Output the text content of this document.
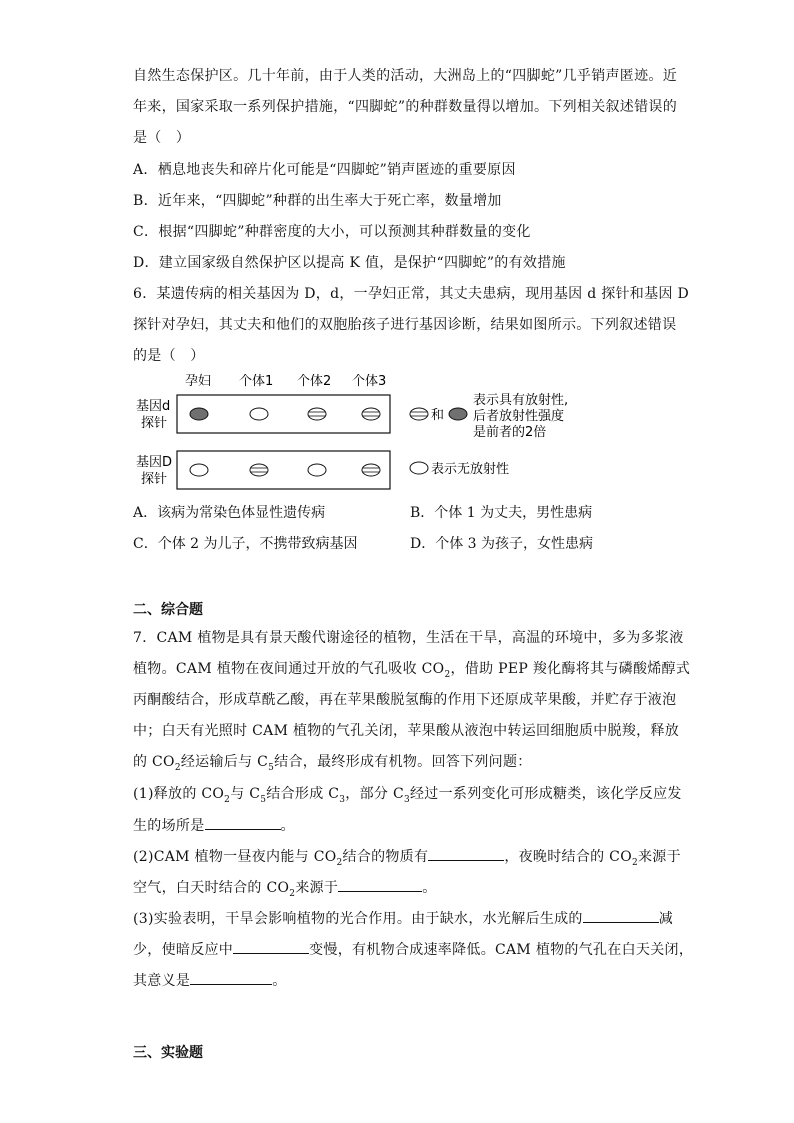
自然生态保护区。几十年前，由于人类的活动，大洲岛上的“四脚蛇”几乎销声匿迹。近
年来，国家采取一系列保护措施，“四脚蛇”的种群数量得以增加。下列相关叙述错误的
是（　）
A．栖息地丧失和碎片化可能是“四脚蛇”销声匿迹的重要原因
B．近年来，“四脚蛇”种群的出生率大于死亡率，数量增加
C．根据“四脚蛇”种群密度的大小，可以预测其种群数量的变化
D．建立国家级自然保护区以提高 K 值，是保护“四脚蛇”的有效措施
6．某遗传病的相关基因为 D，d，一孕妇正常，其丈夫患病，现用基因 d 探针和基因 D
探针对孕妇，其丈夫和他们的双胞胎孩子进行基因诊断，结果如图所示。下列叙述错误
的是（　）
孕妇 个体1 个体2 个体3
基因d
探针
和
表示具有放射性,
后者放射性强度
是前者的2倍
基因D
探针
表示无放射性
A．该病为常染色体显性遗传病	B．个体 1 为丈夫，男性患病
C．个体 2 为儿子，不携带致病基因	D．个体 3 为孩子，女性患病
二、综合题
7．CAM 植物是具有景天酸代谢途径的植物，生活在干旱，高温的环境中，多为多浆液
植物。CAM 植物在夜间通过开放的气孔吸收 $CO_2$，借助 PEP 羧化酶将其与磷酸烯醇式
丙酮酸结合，形成草酰乙酸，再在苹果酸脱氢酶的作用下还原成苹果酸，并贮存于液泡
中；白天有光照时 CAM 植物的气孔关闭，苹果酸从液泡中转运回细胞质中脱羧，释放
的 $CO_2$经运输后与 $C_5$结合，最终形成有机物。回答下列问题：
(1)释放的 $CO_2$与 $C_5$结合形成 $C_3$，部分 $C_3$经过一系列变化可形成糖类，该化学反应发
生的场所是	。
(2)CAM 植物一昼夜内能与 $CO_2$结合的物质有	，夜晚时结合的 $CO_2$来源于
空气，白天时结合的 $CO_2$来源于	。
(3)实验表明，干旱会影响植物的光合作用。由于缺水，水光解后生成的	减
少，使暗反应中	变慢，有机物合成速率降低。CAM 植物的气孔在白天关闭，
其意义是	。
三、实验题
